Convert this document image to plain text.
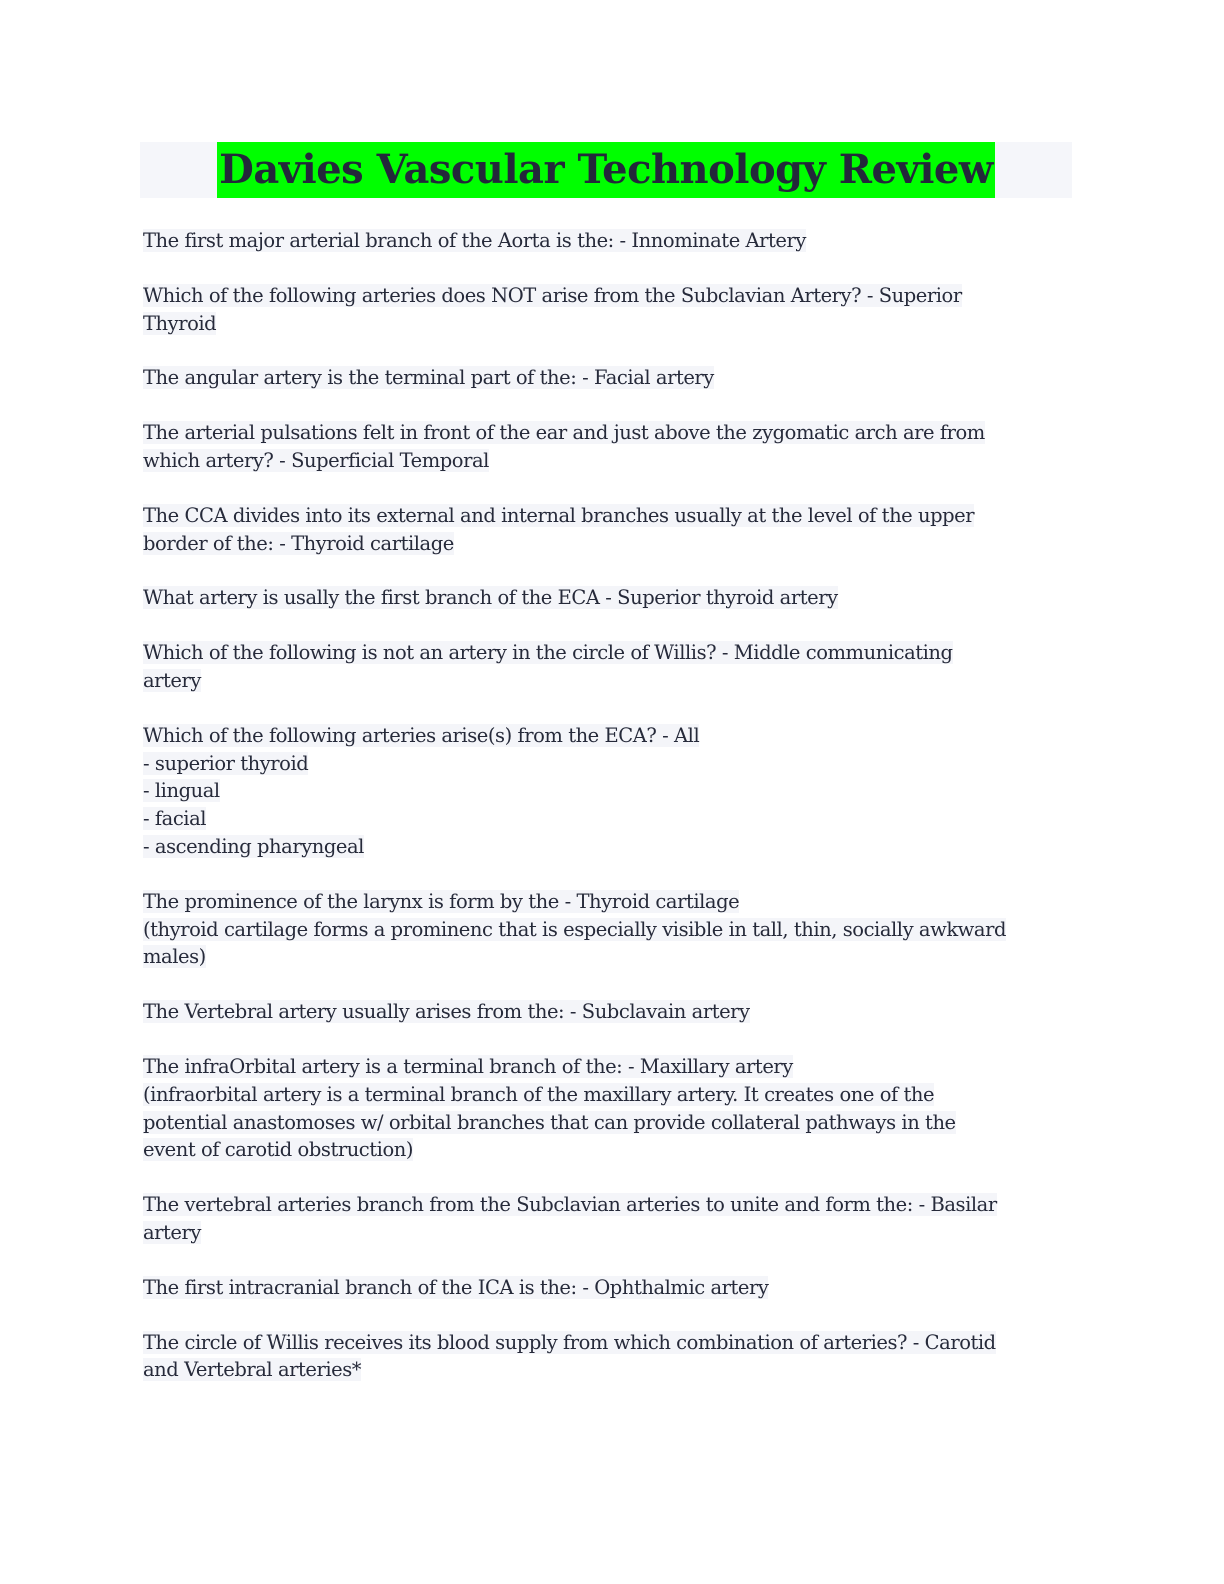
Davies Vascular Technology Review
The first major arterial branch of the Aorta is the: - Innominate Artery
Which of the following arteries does NOT arise from the Subclavian Artery? - Superior
Thyroid
The angular artery is the terminal part of the: - Facial artery
The arterial pulsations felt in front of the ear and just above the zygomatic arch are from
which artery? - Superficial Temporal
The CCA divides into its external and internal branches usually at the level of the upper
border of the: - Thyroid cartilage
What artery is usally the first branch of the ECA - Superior thyroid artery
Which of the following is not an artery in the circle of Willis? - Middle communicating
artery
Which of the following arteries arise(s) from the ECA? - All
- superior thyroid
- lingual
- facial
- ascending pharyngeal
The prominence of the larynx is form by the - Thyroid cartilage
(thyroid cartilage forms a prominenc that is especially visible in tall, thin, socially awkward
males)
The Vertebral artery usually arises from the: - Subclavain artery
The infraOrbital artery is a terminal branch of the: - Maxillary artery
(infraorbital artery is a terminal branch of the maxillary artery. It creates one of the
potential anastomoses w/ orbital branches that can provide collateral pathways in the
event of carotid obstruction)
The vertebral arteries branch from the Subclavian arteries to unite and form the: - Basilar
artery
The first intracranial branch of the ICA is the: - Ophthalmic artery
The circle of Willis receives its blood supply from which combination of arteries? - Carotid
and Vertebral arteries*
